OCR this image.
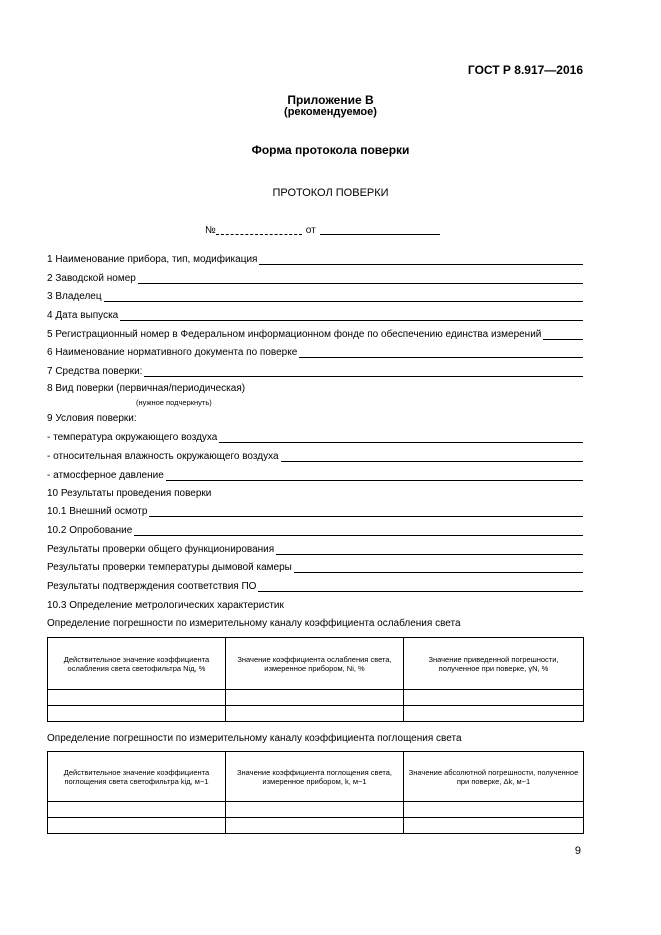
ГОСТ Р 8.917—2016
Приложение В
(рекомендуемое)
Форма протокола поверки
ПРОТОКОЛ ПОВЕРКИ
№	от
1 Наименование прибора, тип, модификация
2 Заводской номер
3 Владелец
4 Дата выпуска
5 Регистрационный номер в Федеральном информационном фонде по обеспечению единства измерений
6 Наименование нормативного документа по поверке
7 Средства поверки:
8 Вид поверки (первичная/периодическая)
(нужное подчеркнуть)
9 Условия поверки:
- температура окружающего воздуха
- относительная влажность окружающего воздуха
- атмосферное давление
10 Результаты проведения поверки
10.1 Внешний осмотр
10.2 Опробование
Результаты проверки общего функционирования
Результаты проверки температуры дымовой камеры
Результаты подтверждения соответствия ПО
10.3 Определение метрологических характеристик
Определение погрешности по измерительному каналу коэффициента ослабления света
Действительное значение коэффициента ослабления света светофильтра Niд, %	Значение коэффициента ослабления света, измеренное прибором, Ni, %	Значение приведенной погрешности, полученное при поверке, γN, %

Определение погрешности по измерительному каналу коэффициента поглощения света
Действительное значение коэффициента поглощения света светофильтра kiд, м−1	Значение коэффициента поглощения света, измеренное прибором, k, м−1	Значение абсолютной погрешности, полученное при поверке, Δk, м−1

9
